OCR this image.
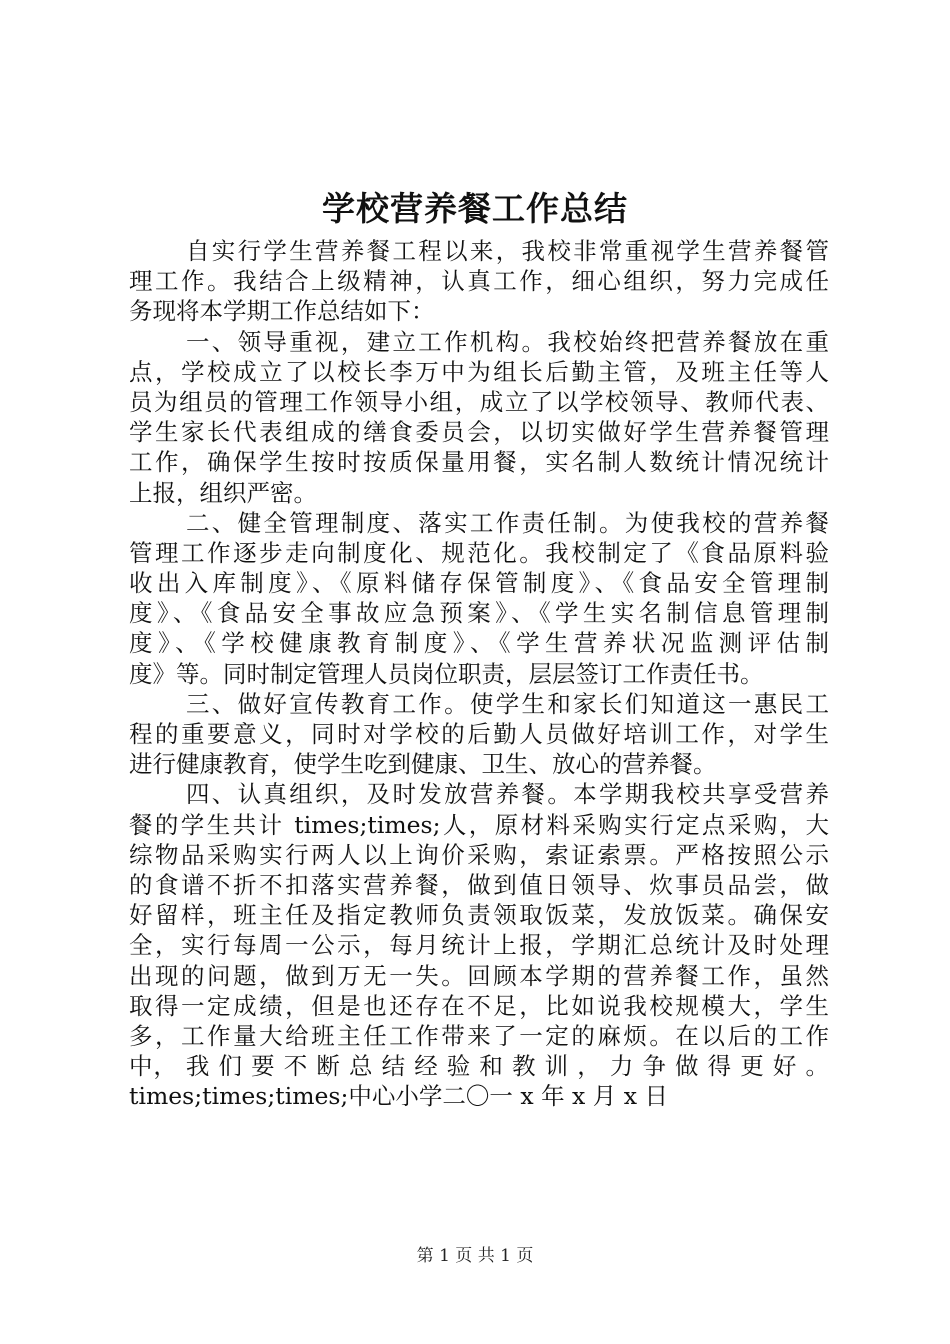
学校营养餐工作总结
自实行学生营养餐工程以来，我校非常重视学生营养餐管
理工作。我结合上级精神，认真工作，细心组织，努力完成任
务现将本学期工作总结如下：
一、领导重视，建立工作机构。我校始终把营养餐放在重
点，学校成立了以校长李万中为组长后勤主管，及班主任等人
员为组员的管理工作领导小组，成立了以学校领导、教师代表、
学生家长代表组成的缮食委员会，以切实做好学生营养餐管理
工作，确保学生按时按质保量用餐，实名制人数统计情况统计
上报，组织严密。
二、健全管理制度、落实工作责任制。为使我校的营养餐
管理工作逐步走向制度化、规范化。我校制定了《食品原料验
收出入库制度》、《原料储存保管制度》、《食品安全管理制
度》、《食品安全事故应急预案》、《学生实名制信息管理制
度》、《学校健康教育制度》、《学生营养状况监测评估制
度》等。同时制定管理人员岗位职责，层层签订工作责任书。
三、做好宣传教育工作。使学生和家长们知道这一惠民工
程的重要意义，同时对学校的后勤人员做好培训工作，对学生
进行健康教育，使学生吃到健康、卫生、放心的营养餐。
四、认真组织，及时发放营养餐。本学期我校共享受营养
餐的学生共计 times;times;人，原材料采购实行定点采购，大
综物品采购实行两人以上询价采购，索证索票。严格按照公示
的食谱不折不扣落实营养餐，做到值日领导、炊事员品尝，做
好留样，班主任及指定教师负责领取饭菜，发放饭菜。确保安
全，实行每周一公示，每月统计上报，学期汇总统计及时处理
出现的问题，做到万无一失。回顾本学期的营养餐工作，虽然
取得一定成绩，但是也还存在不足，比如说我校规模大，学生
多，工作量大给班主任工作带来了一定的麻烦。在以后的工作
中， 我 们 要 不 断 总 结 经 验 和 教 训 ， 力 争 做 得 更 好 。
times;times;times;中心小学二〇一 x 年 x 月 x 日
第 1 页 共 1 页
